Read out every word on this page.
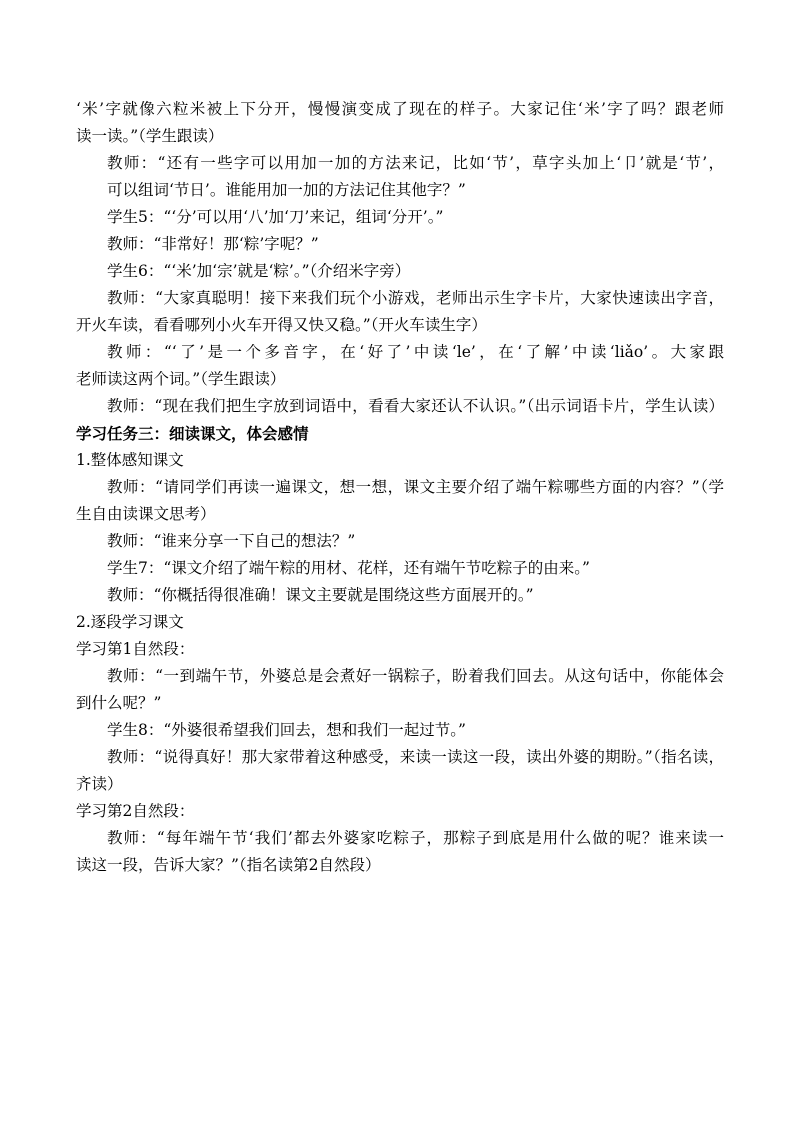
‘米’字就像六粒米被上下分开，慢慢演变成了现在的样子。大家记住‘米’字了吗？跟老师

读一读。”（学生跟读）

教师：“还有一些字可以用加一加的方法来记，比如‘节’，草字头加上‘卩’就是‘节’，

可以组词‘节日’。谁能用加一加的方法记住其他字？”

学生5：“‘分’可以用‘八’加‘刀’来记，组词‘分开’。”

教师：“非常好！那‘粽’字呢？”

学生6：“‘米’加‘宗’就是‘粽’。”（介绍米字旁）

教师：“大家真聪明！接下来我们玩个小游戏，老师出示生字卡片，大家快速读出字音，

开火车读，看看哪列小火车开得又快又稳。”（开火车读生字）

教师：“‘了’是一个多音字，在‘好了’中读‘le’，在‘了解’中读‘liǎo’。大家跟

老师读这两个词。”（学生跟读）

教师：“现在我们把生字放到词语中，看看大家还认不认识。”（出示词语卡片，学生认读）

学习任务三：细读课文，体会感情

1.整体感知课文

教师：“请同学们再读一遍课文，想一想，课文主要介绍了端午粽哪些方面的内容？”（学

生自由读课文思考）

教师：“谁来分享一下自己的想法？”

学生7：“课文介绍了端午粽的用材、花样，还有端午节吃粽子的由来。”

教师：“你概括得很准确！课文主要就是围绕这些方面展开的。”

2.逐段学习课文

学习第1自然段：

教师：“一到端午节，外婆总是会煮好一锅粽子，盼着我们回去。从这句话中，你能体会

到什么呢？”

学生8：“外婆很希望我们回去，想和我们一起过节。”

教师：“说得真好！那大家带着这种感受，来读一读这一段，读出外婆的期盼。”（指名读，

齐读）

学习第2自然段：

教师：“每年端午节‘我们’都去外婆家吃粽子，那粽子到底是用什么做的呢？谁来读一

读这一段，告诉大家？”（指名读第2自然段）
